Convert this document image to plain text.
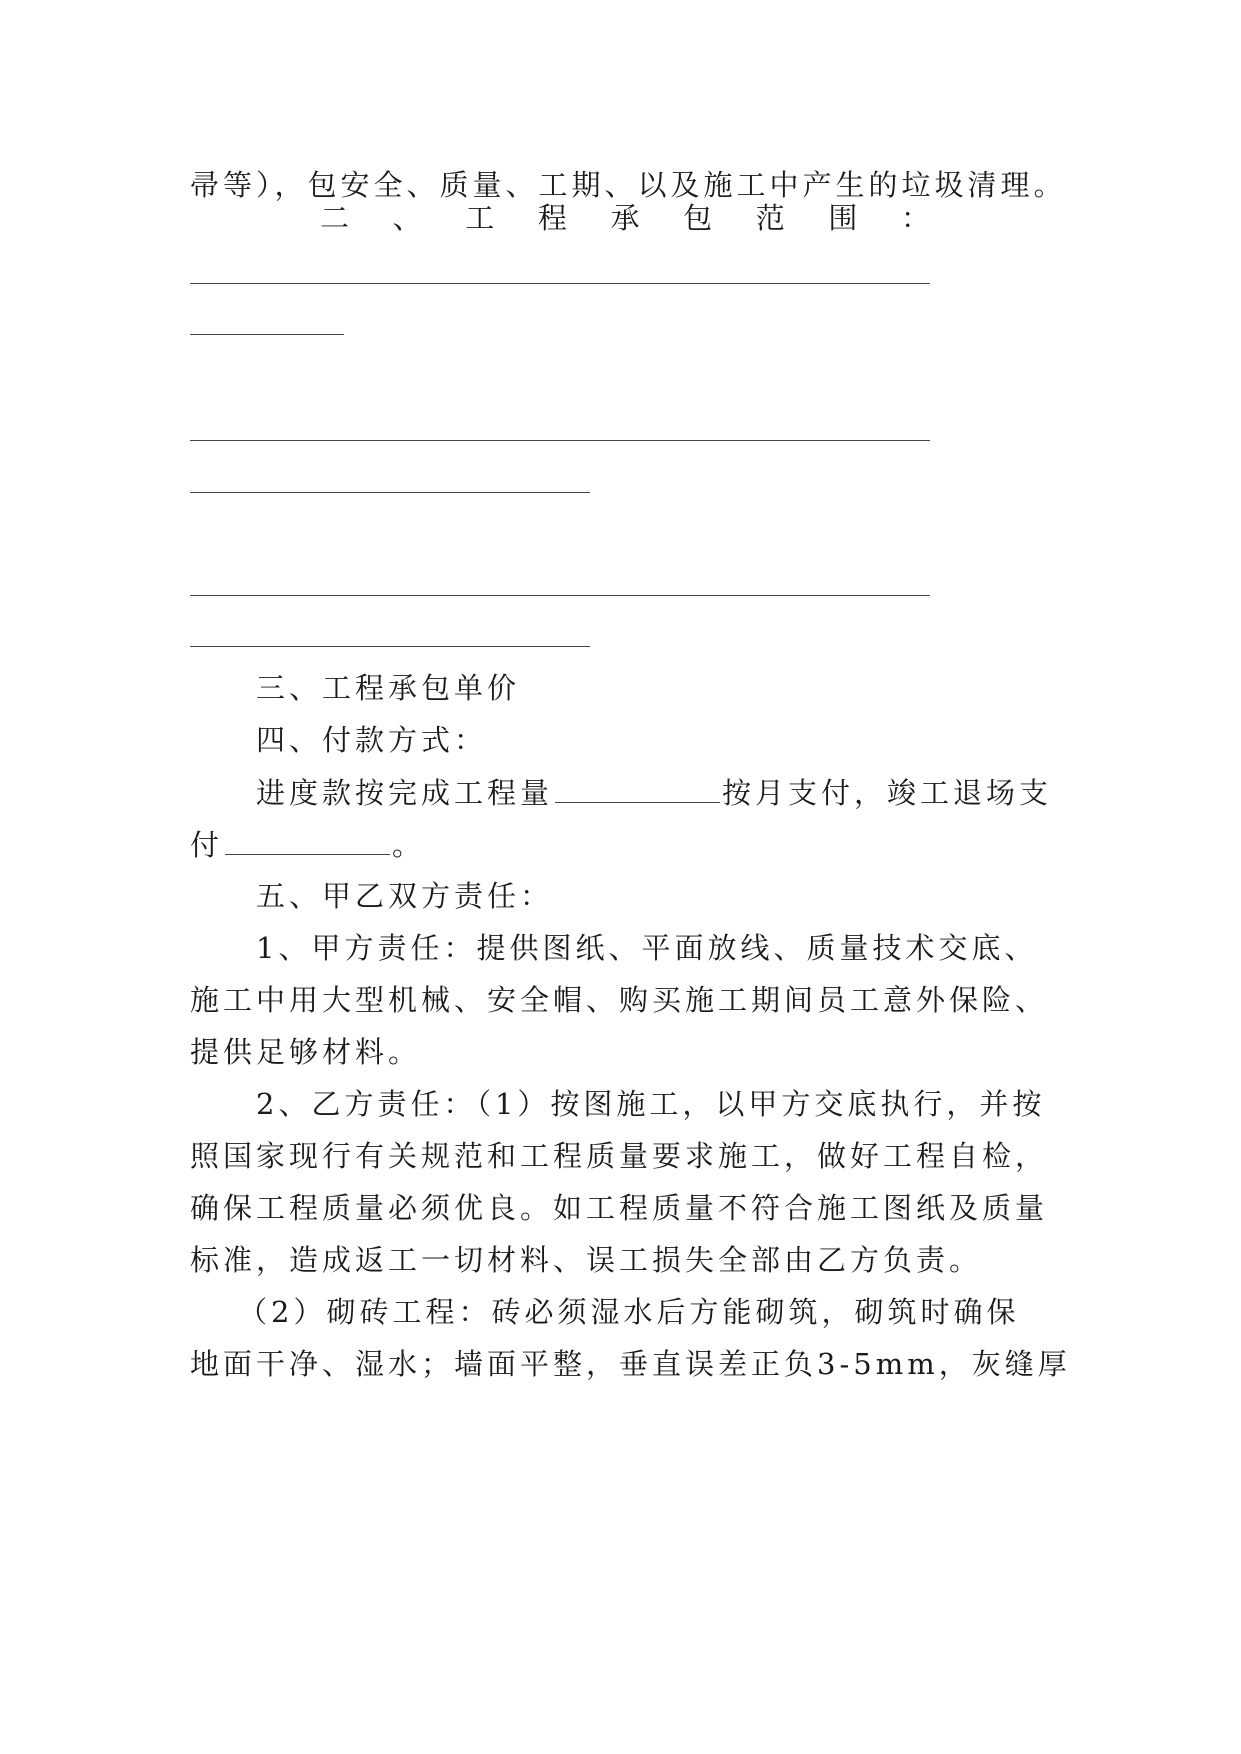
帚等），包安全、质量、工期、以及施工中产生的垃圾清理。
二、工程承包范围：
三、工程承包单价
四、付款方式：
进度款按完成工程量	按月支付，竣工退场支
付	。
五、甲乙双方责任：
1、甲方责任：提供图纸、平面放线、质量技术交底、
施工中用大型机械、安全帽、购买施工期间员工意外保险、
提供足够材料。
2、乙方责任：（1）按图施工，以甲方交底执行，并按
照国家现行有关规范和工程质量要求施工，做好工程自检，
确保工程质量必须优良。如工程质量不符合施工图纸及质量
标准，造成返工一切材料、误工损失全部由乙方负责。
（2）砌砖工程：砖必须湿水后方能砌筑，砌筑时确保
地面干净、湿水；墙面平整，垂直误差正负3-5mm，灰缝厚
